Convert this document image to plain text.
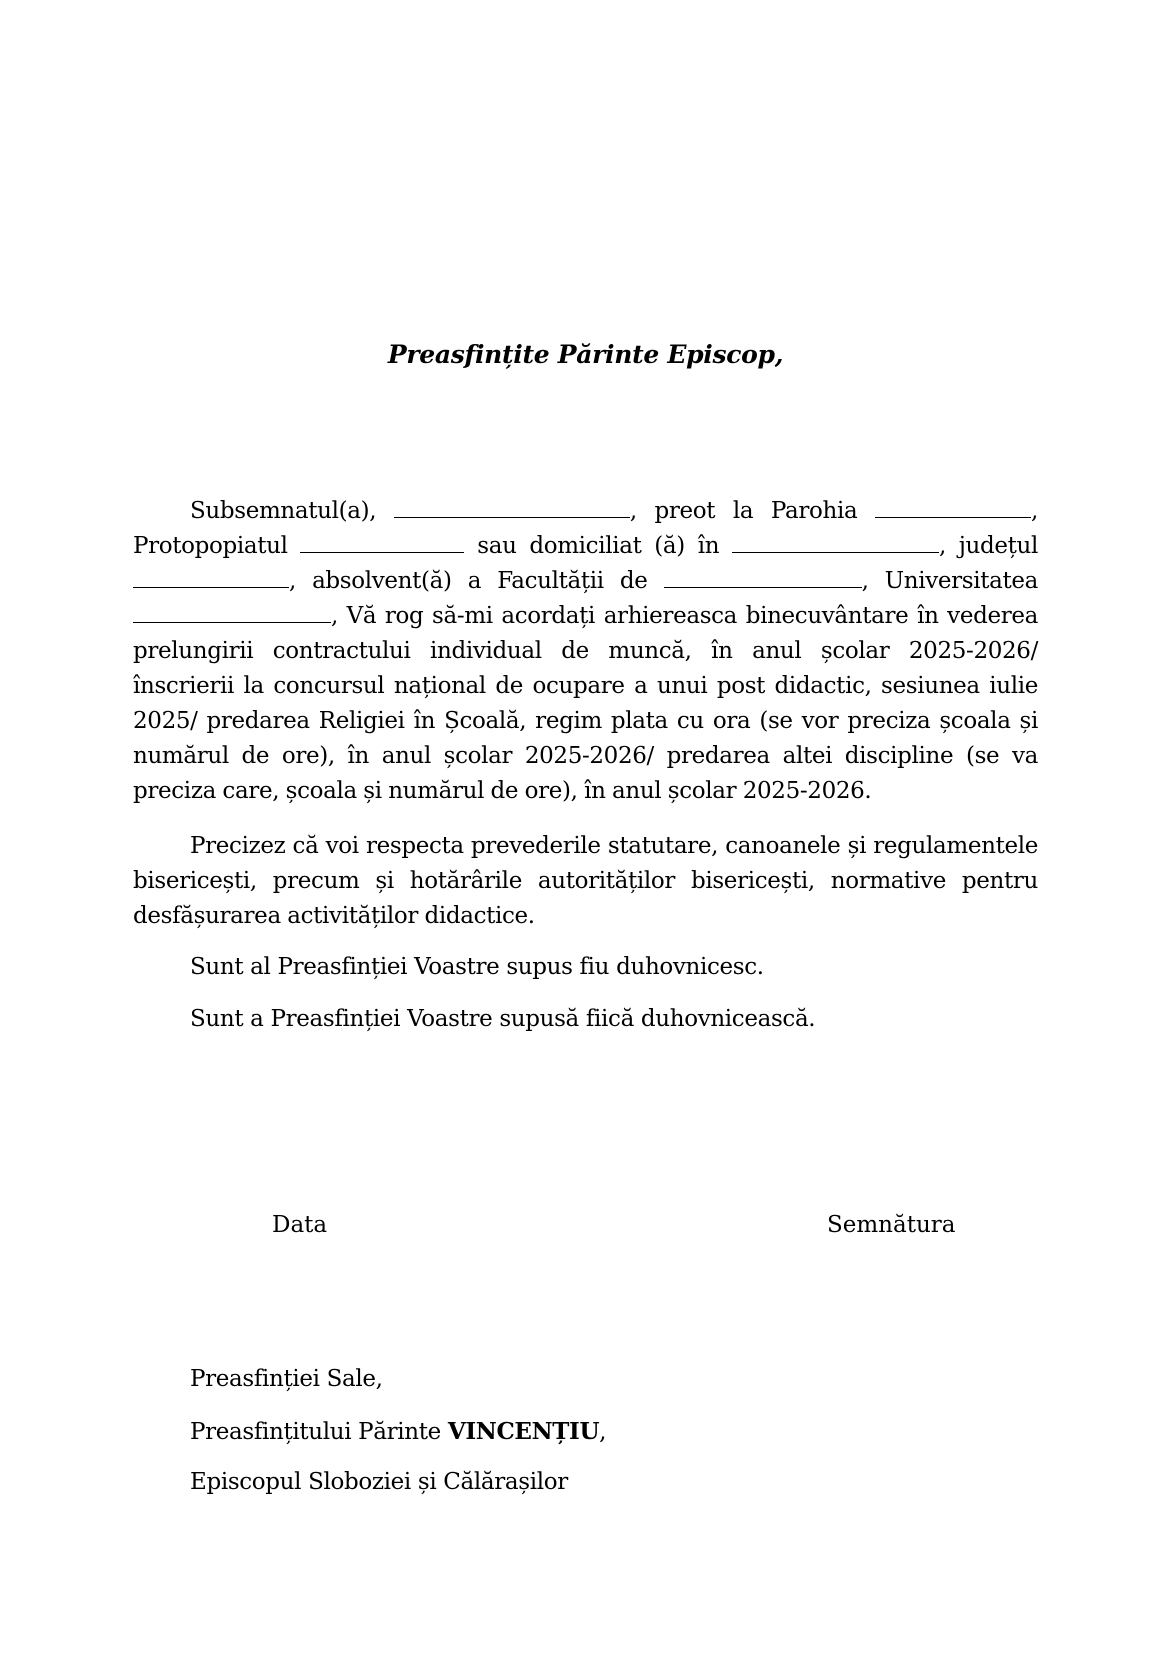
Preasfințite Părinte Episcop,
Subsemnatul(a),	, preot la Parohia	, Protopopiatul	sau domiciliat (ă) în	, județul , absolvent(ă) a Facultății de	, Universitatea , Vă rog să-mi acordați arhiereasca binecuvântare în vederea prelungirii contractului individual de muncă, în anul școlar 2025-2026/ înscrierii la concursul național de ocupare a unui post didactic, sesiunea iulie 2025/ predarea Religiei în Școală, regim plata cu ora (se vor preciza școala și numărul de ore), în anul școlar 2025-2026/ predarea altei discipline (se va preciza care, școala și numărul de ore), în anul școlar 2025-2026.
Precizez că voi respecta prevederile statutare, canoanele și regulamentele bisericești, precum și hotărârile autorităților bisericești, normative pentru desfășurarea activităților didactice.
Sunt al Preasfinției Voastre supus fiu duhovnicesc.
Sunt a Preasfinției Voastre supusă fiică duhovnicească.
Data	Semnătura
Preasfinției Sale,
Preasfințitului Părinte VINCENȚIU,
Episcopul Sloboziei și Călărașilor
